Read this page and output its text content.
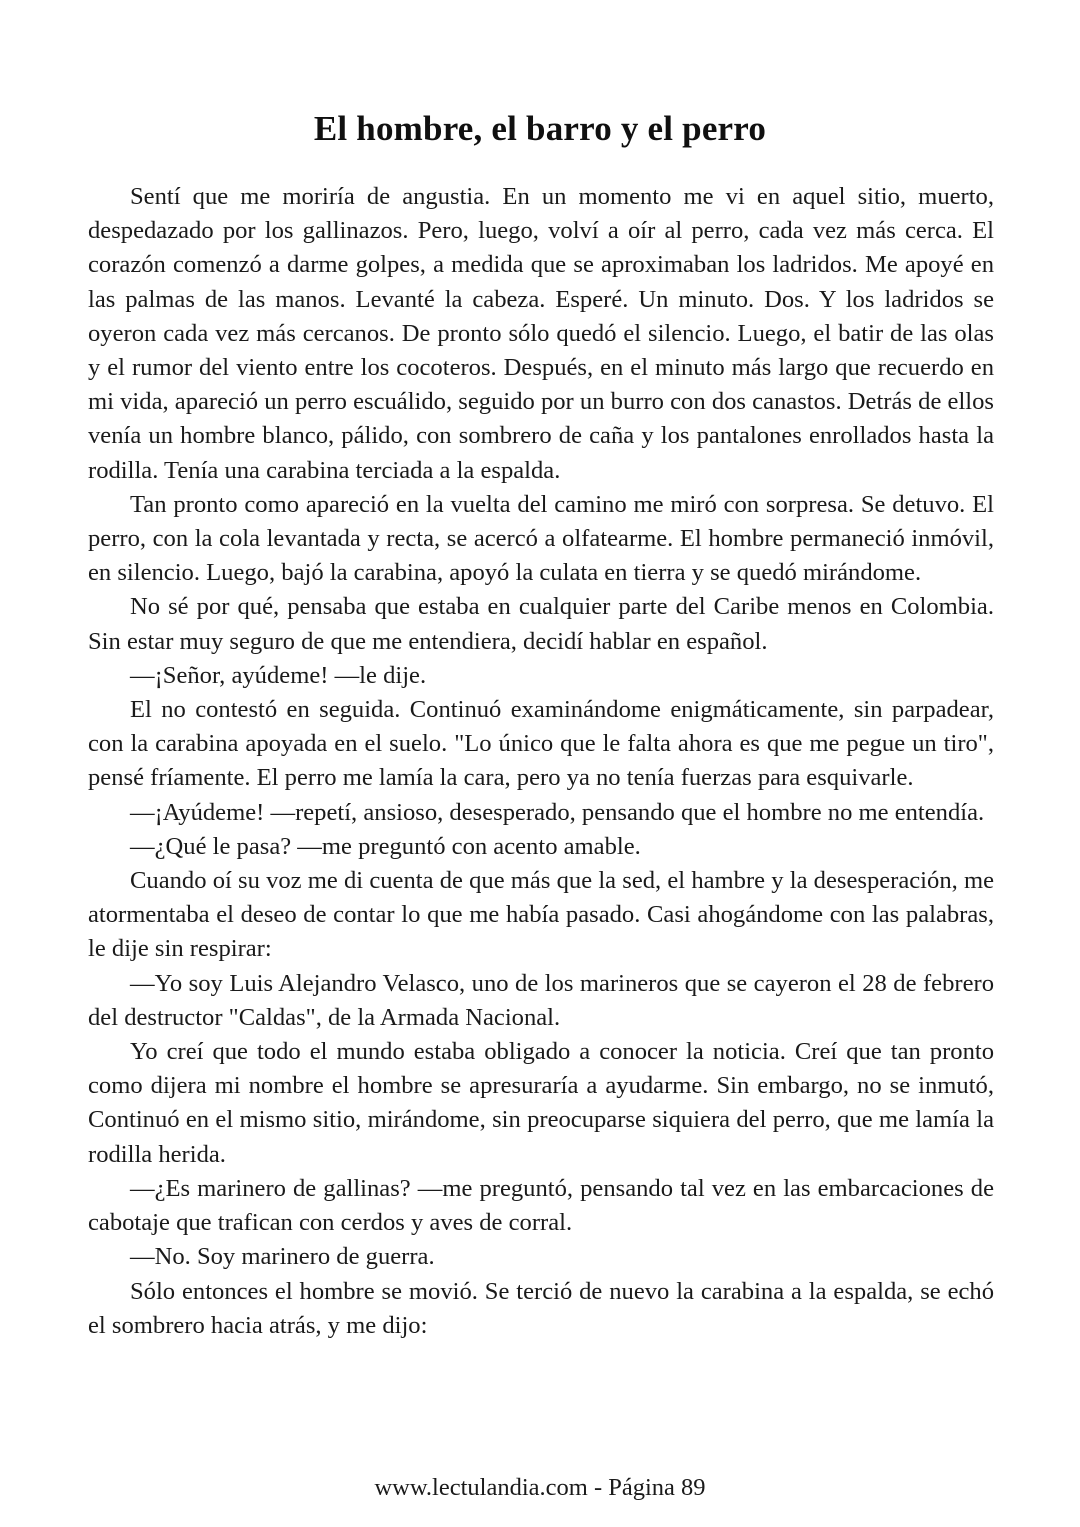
El hombre, el barro y el perro

Sentí que me moriría de angustia. En un momento me vi en aquel sitio, muerto, despedazado por los gallinazos. Pero, luego, volví a oír al perro, cada vez más cerca. El corazón comenzó a darme golpes, a medida que se aproximaban los ladridos. Me apoyé en las palmas de las manos. Levanté la cabeza. Esperé. Un minuto. Dos. Y los ladridos se oyeron cada vez más cercanos. De pronto sólo quedó el silencio. Luego, el batir de las olas y el rumor del viento entre los cocoteros. Después, en el minuto más largo que recuerdo en mi vida, apareció un perro escuálido, seguido por un burro con dos canastos. Detrás de ellos venía un hombre blanco, pálido, con sombrero de caña y los pantalones enrollados hasta la rodilla. Tenía una carabina terciada a la espalda.

Tan pronto como apareció en la vuelta del camino me miró con sorpresa. Se detuvo. El perro, con la cola levantada y recta, se acercó a olfatearme. El hombre permaneció inmóvil, en silencio. Luego, bajó la carabina, apoyó la culata en tierra y se quedó mirándome.

No sé por qué, pensaba que estaba en cualquier parte del Caribe menos en Colombia. Sin estar muy seguro de que me entendiera, decidí hablar en español.

—¡Señor, ayúdeme! —le dije.

El no contestó en seguida. Continuó examinándome enigmáticamente, sin parpadear, con la carabina apoyada en el suelo. "Lo único que le falta ahora es que me pegue un tiro", pensé fríamente. El perro me lamía la cara, pero ya no tenía fuerzas para esquivarle.

—¡Ayúdeme! —repetí, ansioso, desesperado, pensando que el hombre no me entendía.

—¿Qué le pasa? —me preguntó con acento amable.

Cuando oí su voz me di cuenta de que más que la sed, el hambre y la desesperación, me atormentaba el deseo de contar lo que me había pasado. Casi ahogándome con las palabras, le dije sin respirar:

—Yo soy Luis Alejandro Velasco, uno de los marineros que se cayeron el 28 de febrero del destructor "Caldas", de la Armada Nacional.

Yo creí que todo el mundo estaba obligado a conocer la noticia. Creí que tan pronto como dijera mi nombre el hombre se apresuraría a ayudarme. Sin embargo, no se inmutó, Continuó en el mismo sitio, mirándome, sin preocuparse siquiera del perro, que me lamía la rodilla herida.

—¿Es marinero de gallinas? —me preguntó, pensando tal vez en las embarcaciones de cabotaje que trafican con cerdos y aves de corral.

—No. Soy marinero de guerra.

Sólo entonces el hombre se movió. Se terció de nuevo la carabina a la espalda, se echó el sombrero hacia atrás, y me dijo:

www.lectulandia.com - Página 89
